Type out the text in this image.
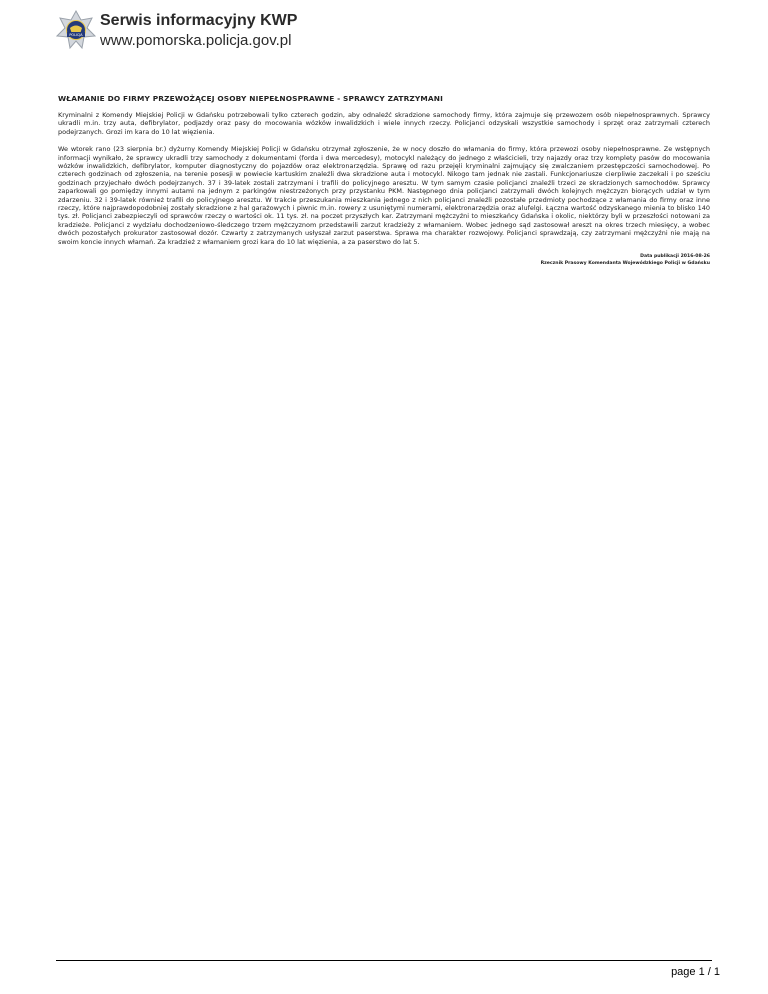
POLICJA

Serwis informacyjny KWP

www.pomorska.policja.gov.pl

WŁAMANIE DO FIRMY PRZEWOŻĄCEJ OSOBY NIEPEŁNOSPRAWNE - SPRAWCY ZATRZYMANI

Kryminalni z Komendy Miejskiej Policji w Gdańsku potrzebowali tylko czterech godzin, aby odnaleźć skradzione samochody firmy, która zajmuje się przewozem osób niepełnosprawnych. Sprawcy ukradli m.in. trzy auta, defibrylator, podjazdy oraz pasy do mocowania wózków inwalidzkich i wiele innych rzeczy. Policjanci odzyskali wszystkie samochody i sprzęt oraz zatrzymali czterech podejrzanych. Grozi im kara do 10 lat więzienia.

We wtorek rano (23 sierpnia br.) dyżurny Komendy Miejskiej Policji w Gdańsku otrzymał zgłoszenie, że w nocy doszło do włamania do firmy, która przewozi osoby niepełnosprawne. Ze wstępnych informacji wynikało, że sprawcy ukradli trzy samochody z dokumentami (forda i dwa mercedesy), motocykl należący do jednego z właścicieli, trzy najazdy oraz trzy komplety pasów do mocowania wózków inwalidzkich, defibrylator, komputer diagnostyczny do pojazdów oraz elektronarzędzia. Sprawę od razu przejęli kryminalni zajmujący się zwalczaniem przestępczości samochodowej. Po czterech godzinach od zgłoszenia, na terenie posesji w powiecie kartuskim znaleźli dwa skradzione auta i motocykl. Nikogo tam jednak nie zastali. Funkcjonariusze cierpliwie zaczekali i po sześciu godzinach przyjechało dwóch podejrzanych. 37 i 39-latek zostali zatrzymani i trafili do policyjnego aresztu. W tym samym czasie policjanci znaleźli trzeci ze skradzionych samochodów. Sprawcy zaparkowali go pomiędzy innymi autami na jednym z parkingów niestrzeżonych przy przystanku PKM. Następnego dnia policjanci zatrzymali dwóch kolejnych mężczyzn biorących udział w tym zdarzeniu. 32 i 39-latek również trafili do policyjnego aresztu. W trakcie przeszukania mieszkania jednego z nich policjanci znaleźli pozostałe przedmioty pochodzące z włamania do firmy oraz inne rzeczy, które najprawdopodobniej zostały skradzione z hal garażowych i piwnic m.in. rowery z usuniętymi numerami, elektronarzędzia oraz alufelgi. Łączna wartość odzyskanego mienia to blisko 140 tys. zł. Policjanci zabezpieczyli od sprawców rzeczy o wartości ok. 11 tys. zł. na poczet przyszłych kar. Zatrzymani mężczyźni to mieszkańcy Gdańska i okolic, niektórzy byli w przeszłości notowani za kradzieże. Policjanci z wydziału dochodzeniowo-śledczego trzem mężczyznom przedstawili zarzut kradzieży z włamaniem. Wobec jednego sąd zastosował areszt na okres trzech miesięcy, a wobec dwóch pozostałych prokurator zastosował dozór. Czwarty z zatrzymanych usłyszał zarzut paserstwa. Sprawa ma charakter rozwojowy. Policjanci sprawdzają, czy zatrzymani mężczyźni nie mają na swoim koncie innych włamań. Za kradzież z włamaniem grozi kara do 10 lat więzienia, a za paserstwo do lat 5.

Data publikacji 2016-08-26
Rzecznik Prasowy Komendanta Wojewódzkiego Policji w Gdańsku
page 1 / 1
